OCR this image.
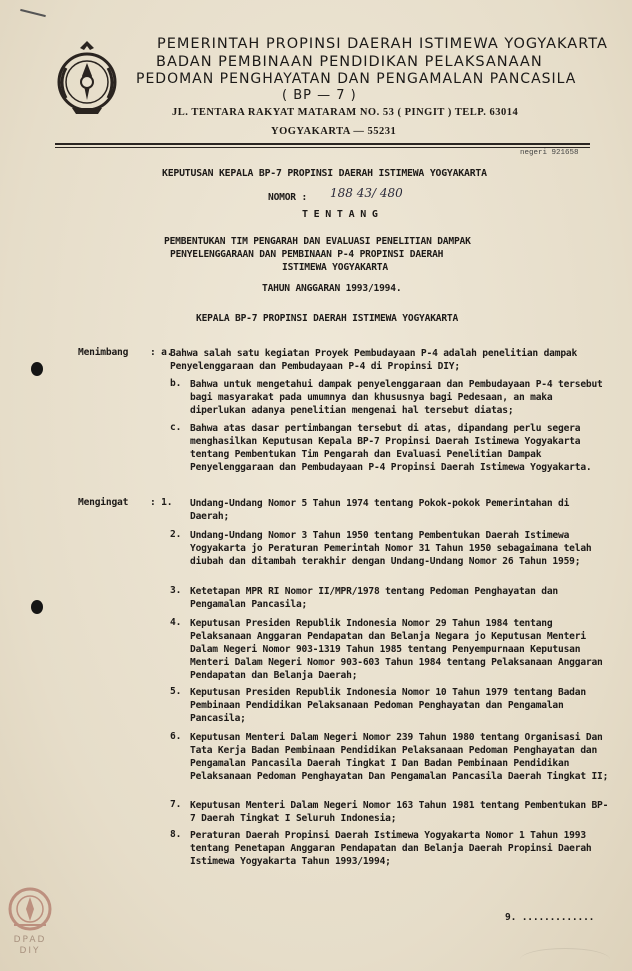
PEMERINTAH PROPINSI DAERAH ISTIMEWA YOGYAKARTA
BADAN PEMBINAAN PENDIDIKAN PELAKSANAAN
PEDOMAN PENGHAYATAN DAN PENGAMALAN PANCASILA
( BP — 7 )
JL. TENTARA RAKYAT MATARAM NO. 53 ( PINGIT ) TELP. 63014
YOGYAKARTA — 55231
negeri 921658
KEPUTUSAN KEPALA BP-7 PROPINSI DAERAH ISTIMEWA YOGYAKARTA
NOMOR : 188 43/ 480
T E N T A N G
PEMBENTUKAN TIM PENGARAH DAN EVALUASI PENELITIAN DAMPAK
PENYELENGGARAAN DAN PEMBINAAN P-4 PROPINSI DAERAH
ISTIMEWA YOGYAKARTA
TAHUN ANGGARAN 1993/1994.
KEPALA BP-7 PROPINSI DAERAH ISTIMEWA YOGYAKARTA
Menimbang : a.
Bahwa salah satu kegiatan Proyek Pembudayaan P-4 adalah penelitian dampak Penyelenggaraan dan Pembudayaan P-4 di Propinsi DIY;
b. Bahwa untuk mengetahui dampak penyelenggaraan dan Pembudayaan P-4 tersebut bagi masyarakat pada umumnya dan khususnya bagi Pedesaan, an maka diperlukan adanya penelitian mengenai hal tersebut diatas;
c. Bahwa atas dasar pertimbangan tersebut di atas, dipandang perlu segera menghasilkan Keputusan Kepala BP-7 Propinsi Daerah Istimewa Yogyakarta tentang Pembentukan Tim Pengarah dan Evaluasi Penelitian Dampak Penyelenggaraan dan Pembudayaan P-4 Propinsi Daerah Istimewa Yogyakarta.
Mengingat : 1. Undang-Undang Nomor 5 Tahun 1974 tentang Pokok-pokok Pemerintahan di Daerah;
2. Undang-Undang Nomor 3 Tahun 1950 tentang Pembentukan Daerah Istimewa Yogyakarta jo Peraturan Pemerintah Nomor 31 Tahun 1950 sebagaimana telah diubah dan ditambah terakhir dengan Undang-Undang Nomor 26 Tahun 1959;
3. Ketetapan MPR RI Nomor II/MPR/1978 tentang Pedoman Penghayatan dan Pengamalan Pancasila;
4. Keputusan Presiden Republik Indonesia Nomor 29 Tahun 1984 tentang Pelaksanaan Anggaran Pendapatan dan Belanja Negara jo Keputusan Menteri Dalam Negeri Nomor 903-1319 Tahun 1985 tentang Penyempurnaan Keputusan Menteri Dalam Negeri Nomor 903-603 Tahun 1984 tentang Pelaksanaan Anggaran Pendapatan dan Belanja Daerah;
5. Keputusan Presiden Republik Indonesia Nomor 10 Tahun 1979 tentang Badan Pembinaan Pendidikan Pelaksanaan Pedoman Penghayatan dan Pengamalan Pancasila;
6. Keputusan Menteri Dalam Negeri Nomor 239 Tahun 1980 tentang Organisasi Dan Tata Kerja Badan Pembinaan Pendidikan Pelaksanaan Pedoman Penghayatan dan Pengamalan Pancasila Daerah Tingkat I Dan Badan Pembinaan Pendidikan Pelaksanaan Pedoman Penghayatan Dan Pengamalan Pancasila Daerah Tingkat II;
7. Keputusan Menteri Dalam Negeri Nomor 163 Tahun 1981 tentang Pembentukan BP-7 Daerah Tingkat I Seluruh Indonesia;
8. Peraturan Daerah Propinsi Daerah Istimewa Yogyakarta Nomor 1 Tahun 1993 tentang Penetapan Anggaran Pendapatan dan Belanja Daerah Propinsi Daerah Istimewa Yogyakarta Tahun 1993/1994;
9. .............
DPAD
DIY
